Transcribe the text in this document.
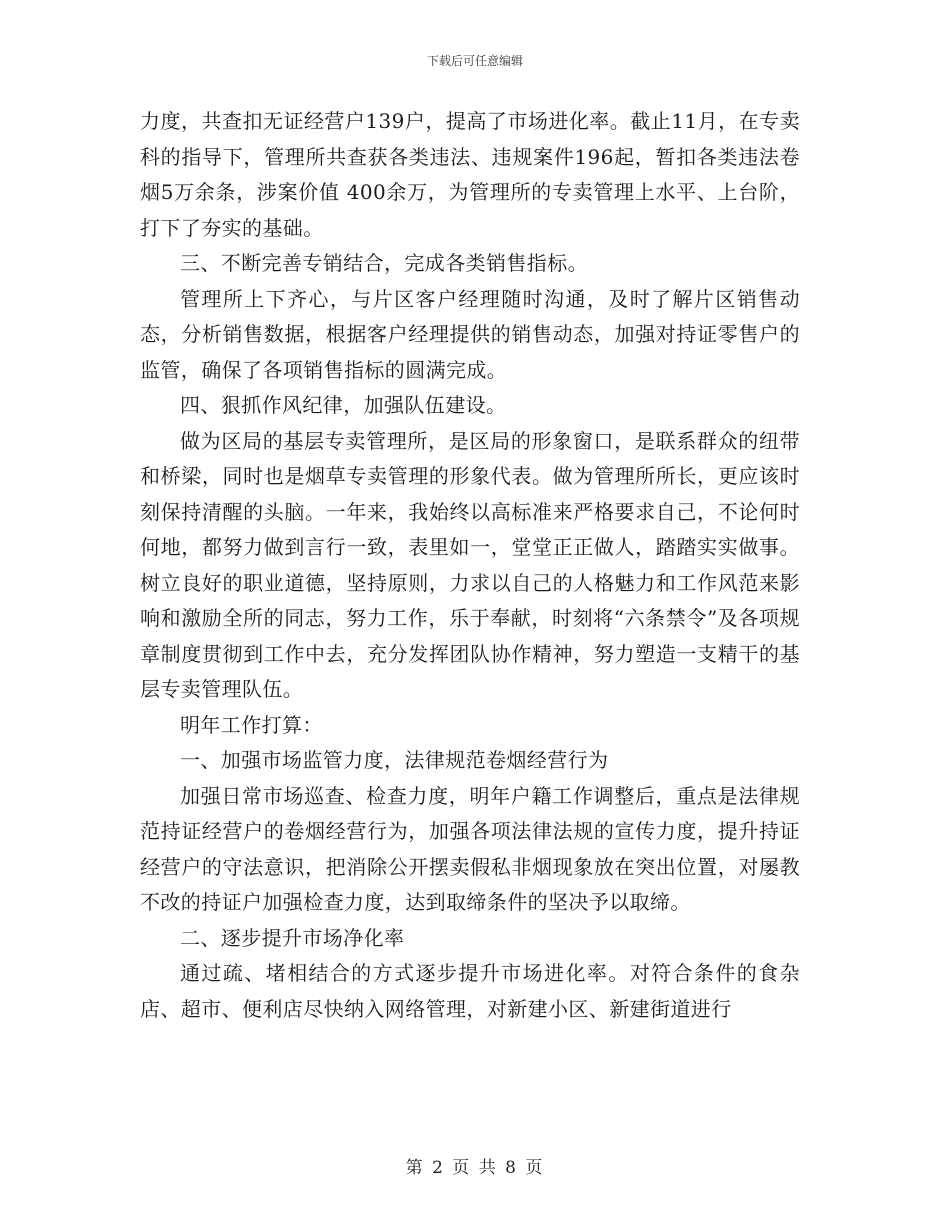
下载后可任意编辑

力度，共查扣无证经营户139户，提高了市场进化率。截止11月，在专卖科的指导下，管理所共查获各类违法、违规案件196起，暂扣各类违法卷烟5万余条，涉案价值 400余万，为管理所的专卖管理上水平、上台阶，打下了夯实的基础。

三、不断完善专销结合，完成各类销售指标。

管理所上下齐心，与片区客户经理随时沟通，及时了解片区销售动态，分析销售数据，根据客户经理提供的销售动态，加强对持证零售户的监管，确保了各项销售指标的圆满完成。

四、狠抓作风纪律，加强队伍建设。

做为区局的基层专卖管理所，是区局的形象窗口，是联系群众的纽带和桥梁，同时也是烟草专卖管理的形象代表。做为管理所所长，更应该时刻保持清醒的头脑。一年来，我始终以高标准来严格要求自己，不论何时何地，都努力做到言行一致，表里如一，堂堂正正做人，踏踏实实做事。树立良好的职业道德，坚持原则，力求以自己的人格魅力和工作风范来影响和激励全所的同志，努力工作，乐于奉献，时刻将“六条禁令”及各项规章制度贯彻到工作中去，充分发挥团队协作精神，努力塑造一支精干的基层专卖管理队伍。

明年工作打算：

一、加强市场监管力度，法律规范卷烟经营行为

加强日常市场巡查、检查力度，明年户籍工作调整后，重点是法律规范持证经营户的卷烟经营行为，加强各项法律法规的宣传力度，提升持证经营户的守法意识，把消除公开摆卖假私非烟现象放在突出位置，对屡教不改的持证户加强检查力度，达到取缔条件的坚决予以取缔。

二、逐步提升市场净化率

通过疏、堵相结合的方式逐步提升市场进化率。对符合条件的食杂店、超市、便利店尽快纳入网络管理，对新建小区、新建街道进行

第 2 页 共 8 页
